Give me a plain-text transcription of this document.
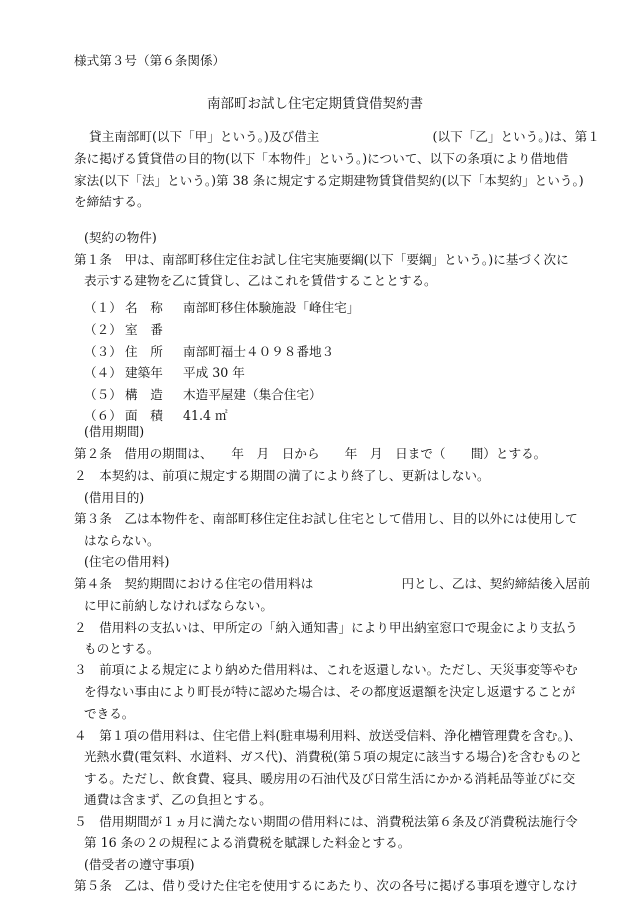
様式第３号（第６条関係）
南部町お試し住宅定期賃貸借契約書
貸主南部町(以下「甲」という。)及び借主　　　　　　　　　(以下「乙」という。)は、第１
条に掲げる賃貸借の目的物(以下「本物件」という。)について、以下の条項により借地借
家法(以下「法」という。)第 38 条に規定する定期建物賃貸借契約(以下「本契約」という。)
を締結する。
(契約の物件)
第１条　甲は、南部町移住定住お試し住宅実施要綱(以下「要綱」という。)に基づく次に
表示する建物を乙に賃貸し、乙はこれを賃借することとする。
（１） 名　称 南部町移住体験施設「峰住宅」
（２） 室　番
（３） 住　所 南部町福士４０９８番地３
（４） 建築年 平成 30 年
（５） 構　造 木造平屋建（集合住宅）
（６） 面　積 41.4 ㎡
(借用期間)
第２条　借用の期間は、　　年　月　日から　　年　月　日まで（　　間）とする。
２　本契約は、前項に規定する期間の満了により終了し、更新はしない。
(借用目的)
第３条　乙は本物件を、南部町移住定住お試し住宅として借用し、目的以外には使用して
はならない。
(住宅の借用料)
第４条　契約期間における住宅の借用料は　　　　　　　円とし、乙は、契約締結後入居前
に甲に前納しなければならない。
２　借用料の支払いは、甲所定の「納入通知書」により甲出納室窓口で現金により支払う
ものとする。
３　前項による規定により納めた借用料は、これを返還しない。ただし、天災事変等やむ
を得ない事由により町長が特に認めた場合は、その都度返還額を決定し返還することが
できる。
４　第１項の借用料は、住宅借上料(駐車場利用料、放送受信料、浄化槽管理費を含む。)、
光熱水費(電気料、水道料、ガス代)、消費税(第５項の規定に該当する場合)を含むものと
する。ただし、飲食費、寝具、暖房用の石油代及び日常生活にかかる消耗品等並びに交
通費は含まず、乙の負担とする。
５　借用期間が１ヵ月に満たない期間の借用料には、消費税法第６条及び消費税法施行令
第 16 条の２の規程による消費税を賦課した料金とする。
(借受者の遵守事項)
第５条　乙は、借り受けた住宅を使用するにあたり、次の各号に掲げる事項を遵守しなけ
